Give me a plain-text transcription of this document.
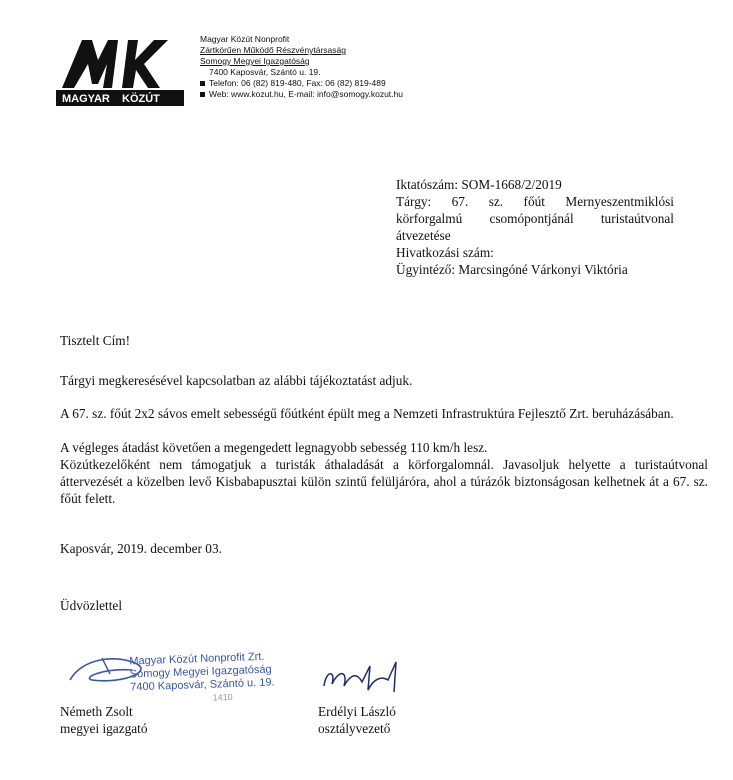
MAGYAR KÖZÚT
Magyar Közút Nonprofit
Zártkörűen Működő Részvénytársaság
Somogy Megyei Igazgatóság
7400 Kaposvár, Szántó u. 19.
Telefon: 06 (82) 819-480, Fax: 06 (82) 819-489
Web: www.kozut.hu, E-mail: info@somogy.kozut.hu
Iktatószám: SOM-1668/2/2019
Tárgy: 67. sz. főút Mernyeszentmiklósi
körforgalmú csomópontjánál turistaútvonal
átvezetése
Hivatkozási szám:
Ügyintéző: Marcsingóné Várkonyi Viktória
Tisztelt Cím!
Tárgyi megkeresésével kapcsolatban az alábbi tájékoztatást adjuk.
A 67. sz. főút 2x2 sávos emelt sebességű főútként épült meg a Nemzeti Infrastruktúra Fejlesztő Zrt. beruházásában.
A végleges átadást követően a megengedett legnagyobb sebesség 110 km/h lesz.
Közútkezelőként nem támogatjuk a turisták áthaladását a körforgalomnál. Javasoljuk helyette a turistaútvonal áttervezését a közelben levő Kisbabapusztai külön szintű felüljáróra, ahol a túrázók biztonságosan kelhetnek át a 67. sz. főút felett.
Kaposvár, 2019. december 03.
Üdvözlettel
Magyar Közút Nonprofit Zrt.
Somogy Megyei Igazgatóság
7400 Kaposvár, Szántó u. 19.
1410
Németh Zsolt
megyei igazgató
Erdélyi László
osztályvezető
